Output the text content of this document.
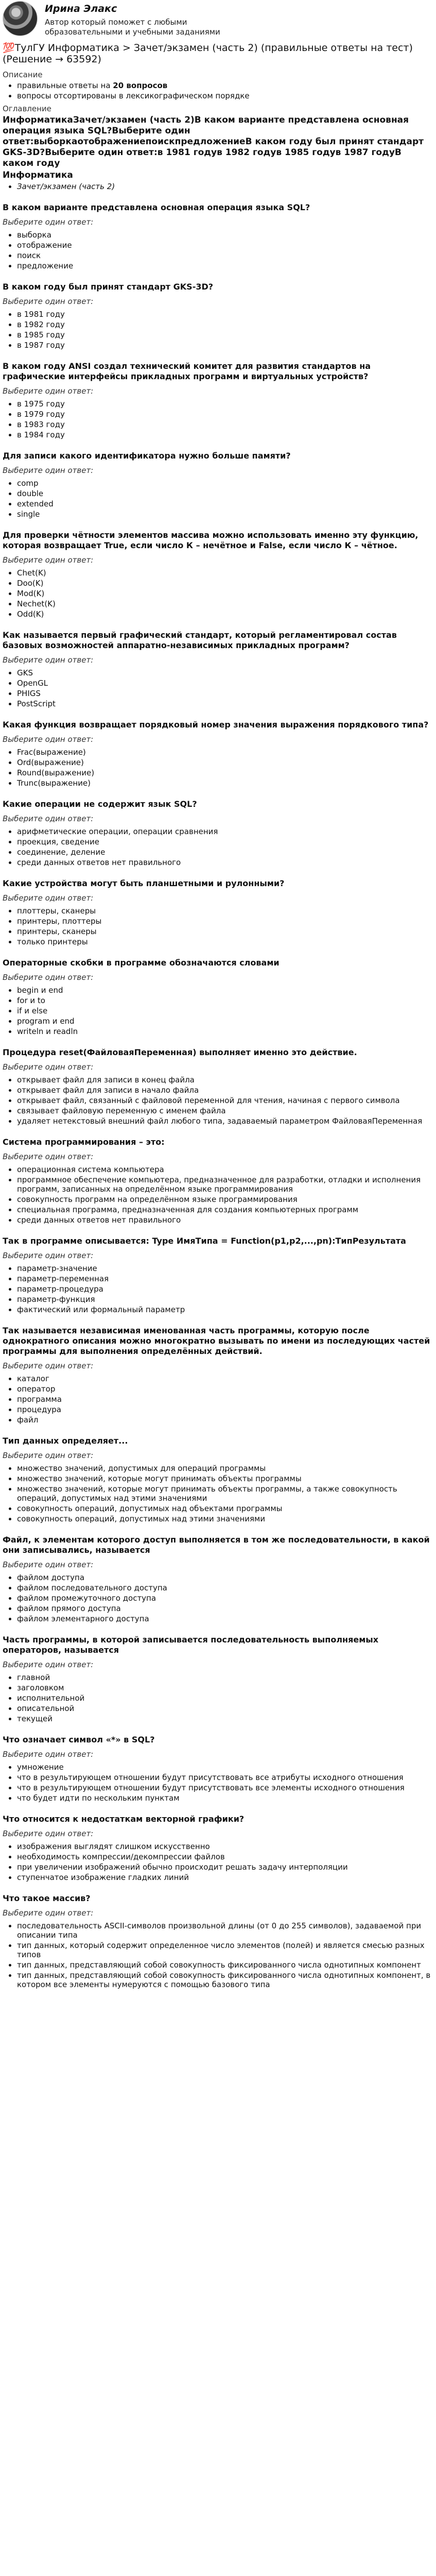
Ирина Элакс
Автор который поможет с любыми образовательными и учебными заданиями
💯ТулГУ Информатика > Зачет/экзамен (часть 2) (правильные ответы на тест) (Решение → 63592)
Описание
• правильные ответы на 20 вопросов
• вопросы отсортированы в лексикографическом порядке
Оглавление
ИнформатикаЗачет/экзамен (часть 2)В каком варианте представлена основная операция языка SQL?Выберите один ответ:выборкаотображениепоискпредложениеВ каком году был принят стандарт GKS-3D?Выберите один ответ:в 1981 годув 1982 годув 1985 годув 1987 годуВ каком году
Информатика
• Зачет/экзамен (часть 2)
В каком варианте представлена основная операция языка SQL?
Выберите один ответ:
• выборка
• отображение
• поиск
• предложение
В каком году был принят стандарт GKS-3D?
Выберите один ответ:
• в 1981 году
• в 1982 году
• в 1985 году
• в 1987 году
В каком году ANSI создал технический комитет для развития стандартов на графические интерфейсы прикладных программ и виртуальных устройств?
Выберите один ответ:
• в 1975 году
• в 1979 году
• в 1983 году
• в 1984 году
Для записи какого идентификатора нужно больше памяти?
Выберите один ответ:
• comp
• double
• extended
• single
Для проверки чётности элементов массива можно использовать именно эту функцию, которая возвращает True, если число К – нечётное и False, если число К – чётное.
Выберите один ответ:
• Chet(K)
• Doo(K)
• Mod(K)
• Nechet(K)
• Odd(K)
Как называется первый графический стандарт, который регламентировал состав базовых возможностей аппаратно-независимых прикладных программ?
Выберите один ответ:
• GKS
• OpenGL
• PHIGS
• PostScript
Какая функция возвращает порядковый номер значения выражения порядкового типа?
Выберите один ответ:
• Frac(выражение)
• Ord(выражение)
• Round(выражение)
• Trunc(выражение)
Какие операции не содержит язык SQL?
Выберите один ответ:
• арифметические операции, операции сравнения
• проекция, сведение
• соединение, деление
• среди данных ответов нет правильного
Какие устройства могут быть планшетными и рулонными?
Выберите один ответ:
• плоттеры, сканеры
• принтеры, плоттеры
• принтеры, сканеры
• только принтеры
Операторные скобки в программе обозначаются словами
Выберите один ответ:
• begin и end
• for и to
• if и else
• program и end
• writeln и readln
Процедура reset(ФайловаяПеременная) выполняет именно это действие.
Выберите один ответ:
• открывает файл для записи в конец файла
• открывает файл для записи в начало файла
• открывает файл, связанный с файловой переменной для чтения, начиная с первого символа
• связывает файловую переменную с именем файла
• удаляет нетекстовый внешний файл любого типа, задаваемый параметром ФайловаяПеременная
Система программирования – это:
Выберите один ответ:
• операционная система компьютера
• программное обеспечение компьютера, предназначенное для разработки, отладки и исполнения программ, записанных на определённом языке программирования
• совокупность программ на определённом языке программирования
• специальная программа, предназначенная для создания компьютерных программ
• среди данных ответов нет правильного
Так в программе описывается: Type ИмяТипа = Function(p1,p2,...,pn):ТипРезультата
Выберите один ответ:
• параметр-значение
• параметр-переменная
• параметр-процедура
• параметр-функция
• фактический или формальный параметр
Так называется независимая именованная часть программы, которую после однократного описания можно многократно вызывать по имени из последующих частей программы для выполнения определённых действий.
Выберите один ответ:
• каталог
• оператор
• программа
• процедура
• файл
Тип данных определяет...
Выберите один ответ:
• множество значений, допустимых для операций программы
• множество значений, которые могут принимать объекты программы
• множество значений, которые могут принимать объекты программы, а также совокупность операций, допустимых над этими значениями
• совокупность операций, допустимых над объектами программы
• совокупность операций, допустимых над этими значениями
Файл, к элементам которого доступ выполняется в том же последовательности, в какой они записывались, называется
Выберите один ответ:
• файлом доступа
• файлом последовательного доступа
• файлом промежуточного доступа
• файлом прямого доступа
• файлом элементарного доступа
Часть программы, в которой записывается последовательность выполняемых операторов, называется
Выберите один ответ:
• главной
• заголовком
• исполнительной
• описательной
• текущей
Что означает символ «*» в SQL?
Выберите один ответ:
• умножение
• что в результирующем отношении будут присутствовать все атрибуты исходного отношения
• что в результирующем отношении будут присутствовать все элементы исходного отношения
• что будет идти по нескольким пунктам
Что относится к недостаткам векторной графики?
Выберите один ответ:
• изображения выглядят слишком искусственно
• необходимость компрессии/декомпрессии файлов
• при увеличении изображений обычно происходит решать задачу интерполяции
• ступенчатое изображение гладких линий
Что такое массив?
Выберите один ответ:
• последовательность ASCII-символов произвольной длины (от 0 до 255 символов), задаваемой при описании типа
• тип данных, который содержит определенное число элементов (полей) и является смесью разных типов
• тип данных, представляющий собой совокупность фиксированного числа однотипных компонент
• тип данных, представляющий собой совокупность фиксированного числа однотипных компонент, в котором все элементы нумеруются с помощью базового типа
